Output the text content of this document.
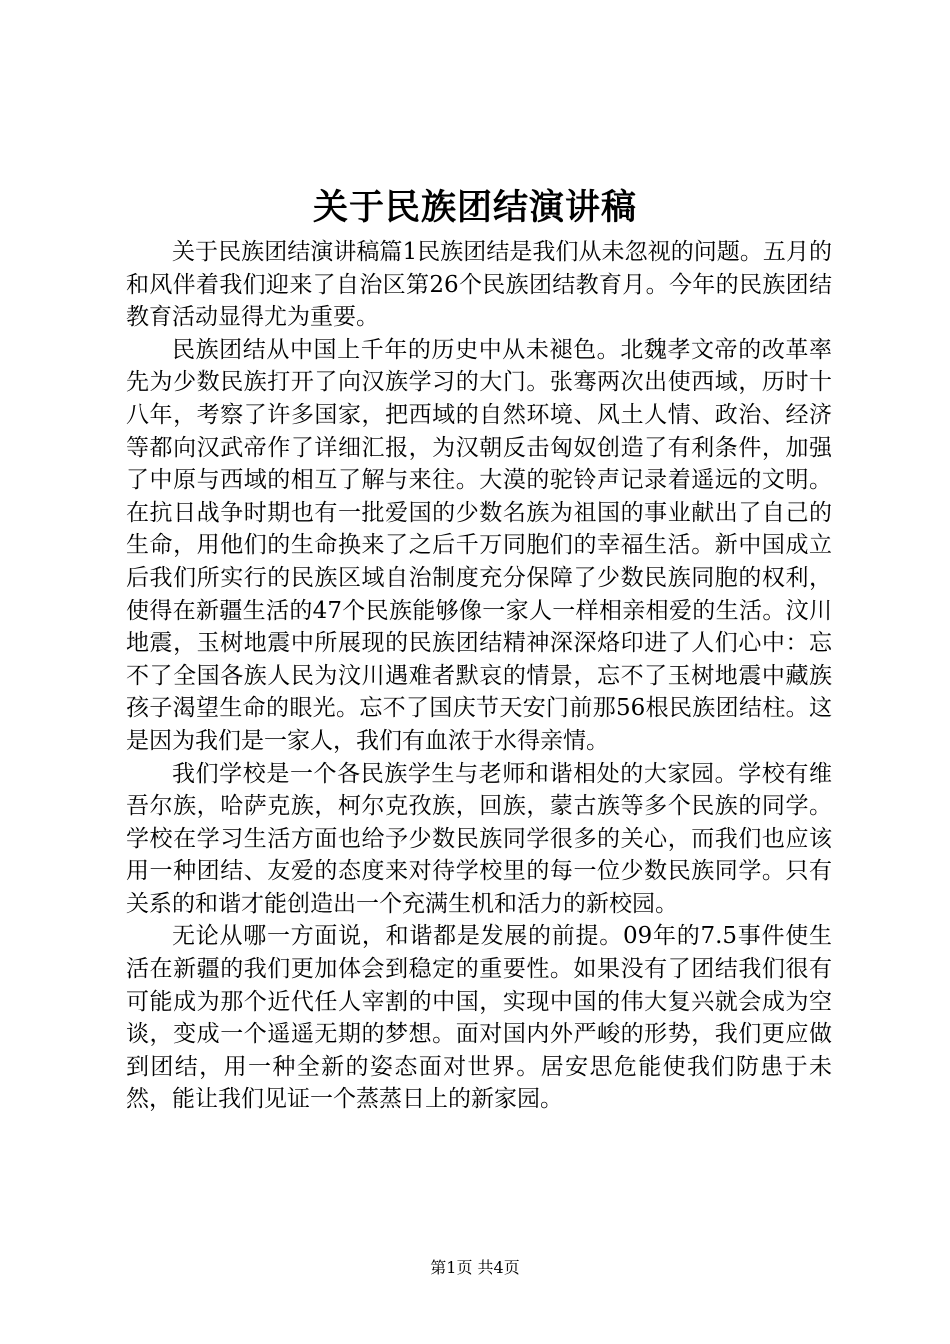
关于民族团结演讲稿

关于民族团结演讲稿篇1民族团结是我们从未忽视的问题。五月的和风伴着我们迎来了自治区第26个民族团结教育月。今年的民族团结教育活动显得尤为重要。

民族团结从中国上千年的历史中从未褪色。北魏孝文帝的改革率先为少数民族打开了向汉族学习的大门。张骞两次出使西域，历时十八年，考察了许多国家，把西域的自然环境、风土人情、政治、经济等都向汉武帝作了详细汇报，为汉朝反击匈奴创造了有利条件，加强了中原与西域的相互了解与来往。大漠的驼铃声记录着遥远的文明。在抗日战争时期也有一批爱国的少数名族为祖国的事业献出了自己的生命，用他们的生命换来了之后千万同胞们的幸福生活。新中国成立后我们所实行的民族区域自治制度充分保障了少数民族同胞的权利，使得在新疆生活的47个民族能够像一家人一样相亲相爱的生活。汶川地震，玉树地震中所展现的民族团结精神深深烙印进了人们心中：忘不了全国各族人民为汶川遇难者默哀的情景，忘不了玉树地震中藏族孩子渴望生命的眼光。忘不了国庆节天安门前那56根民族团结柱。这是因为我们是一家人，我们有血浓于水得亲情。

我们学校是一个各民族学生与老师和谐相处的大家园。学校有维吾尔族，哈萨克族，柯尔克孜族，回族，蒙古族等多个民族的同学。学校在学习生活方面也给予少数民族同学很多的关心，而我们也应该用一种团结、友爱的态度来对待学校里的每一位少数民族同学。只有关系的和谐才能创造出一个充满生机和活力的新校园。

无论从哪一方面说，和谐都是发展的前提。09年的7.5事件使生活在新疆的我们更加体会到稳定的重要性。如果没有了团结我们很有可能成为那个近代任人宰割的中国，实现中国的伟大复兴就会成为空谈，变成一个遥遥无期的梦想。面对国内外严峻的形势，我们更应做到团结，用一种全新的姿态面对世界。居安思危能使我们防患于未然，能让我们见证一个蒸蒸日上的新家园。

第1页 共4页
